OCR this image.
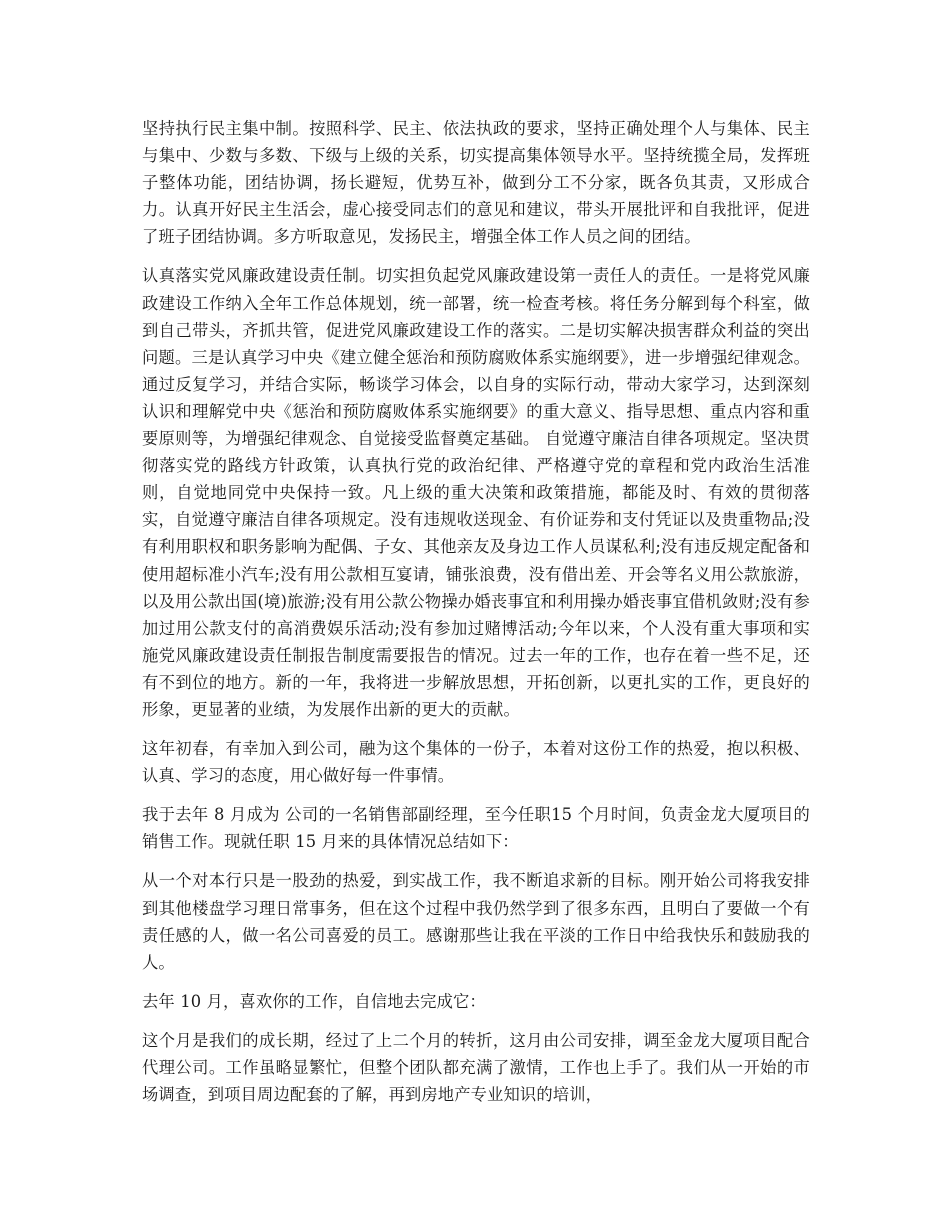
坚持执行民主集中制。按照科学、民主、依法执政的要求，坚持正确处理个人与集体、民主与集中、少数与多数、下级与上级的关系，切实提高集体领导水平。坚持统揽全局，发挥班子整体功能，团结协调，扬长避短，优势互补，做到分工不分家，既各负其责，又形成合力。认真开好民主生活会，虚心接受同志们的意见和建议，带头开展批评和自我批评，促进了班子团结协调。多方听取意见，发扬民主，增强全体工作人员之间的团结。

认真落实党风廉政建设责任制。切实担负起党风廉政建设第一责任人的责任。一是将党风廉政建设工作纳入全年工作总体规划，统一部署，统一检查考核。将任务分解到每个科室，做到自己带头，齐抓共管，促进党风廉政建设工作的落实。二是切实解决损害群众利益的突出问题。三是认真学习中央《建立健全惩治和预防腐败体系实施纲要》，进一步增强纪律观念。通过反复学习，并结合实际，畅谈学习体会，以自身的实际行动，带动大家学习，达到深刻认识和理解党中央《惩治和预防腐败体系实施纲要》的重大意义、指导思想、重点内容和重要原则等，为增强纪律观念、自觉接受监督奠定基础。 自觉遵守廉洁自律各项规定。坚决贯彻落实党的路线方针政策，认真执行党的政治纪律、严格遵守党的章程和党内政治生活准则，自觉地同党中央保持一致。凡上级的重大决策和政策措施，都能及时、有效的贯彻落实，自觉遵守廉洁自律各项规定。没有违规收送现金、有价证券和支付凭证以及贵重物品;没有利用职权和职务影响为配偶、子女、其他亲友及身边工作人员谋私利;没有违反规定配备和使用超标准小汽车;没有用公款相互宴请，铺张浪费，没有借出差、开会等名义用公款旅游，以及用公款出国(境)旅游;没有用公款公物操办婚丧事宜和利用操办婚丧事宜借机敛财;没有参加过用公款支付的高消费娱乐活动;没有参加过赌博活动;今年以来，个人没有重大事项和实施党风廉政建设责任制报告制度需要报告的情况。过去一年的工作，也存在着一些不足，还有不到位的地方。新的一年，我将进一步解放思想，开拓创新，以更扎实的工作，更良好的形象，更显著的业绩，为发展作出新的更大的贡献。

这年初春，有幸加入到公司，融为这个集体的一份子，本着对这份工作的热爱，抱以积极、认真、学习的态度，用心做好每一件事情。

我于去年 8 月成为 公司的一名销售部副经理，至今任职15 个月时间，负责金龙大厦项目的销售工作。现就任职 15 月来的具体情况总结如下：

从一个对本行只是一股劲的热爱，到实战工作，我不断追求新的目标。刚开始公司将我安排到其他楼盘学习理日常事务，但在这个过程中我仍然学到了很多东西，且明白了要做一个有责任感的人，做一名公司喜爱的员工。感谢那些让我在平淡的工作日中给我快乐和鼓励我的人。

去年 10 月，喜欢你的工作，自信地去完成它：

这个月是我们的成长期，经过了上二个月的转折，这月由公司安排，调至金龙大厦项目配合代理公司。工作虽略显繁忙，但整个团队都充满了激情，工作也上手了。我们从一开始的市场调查，到项目周边配套的了解，再到房地产专业知识的培训，
